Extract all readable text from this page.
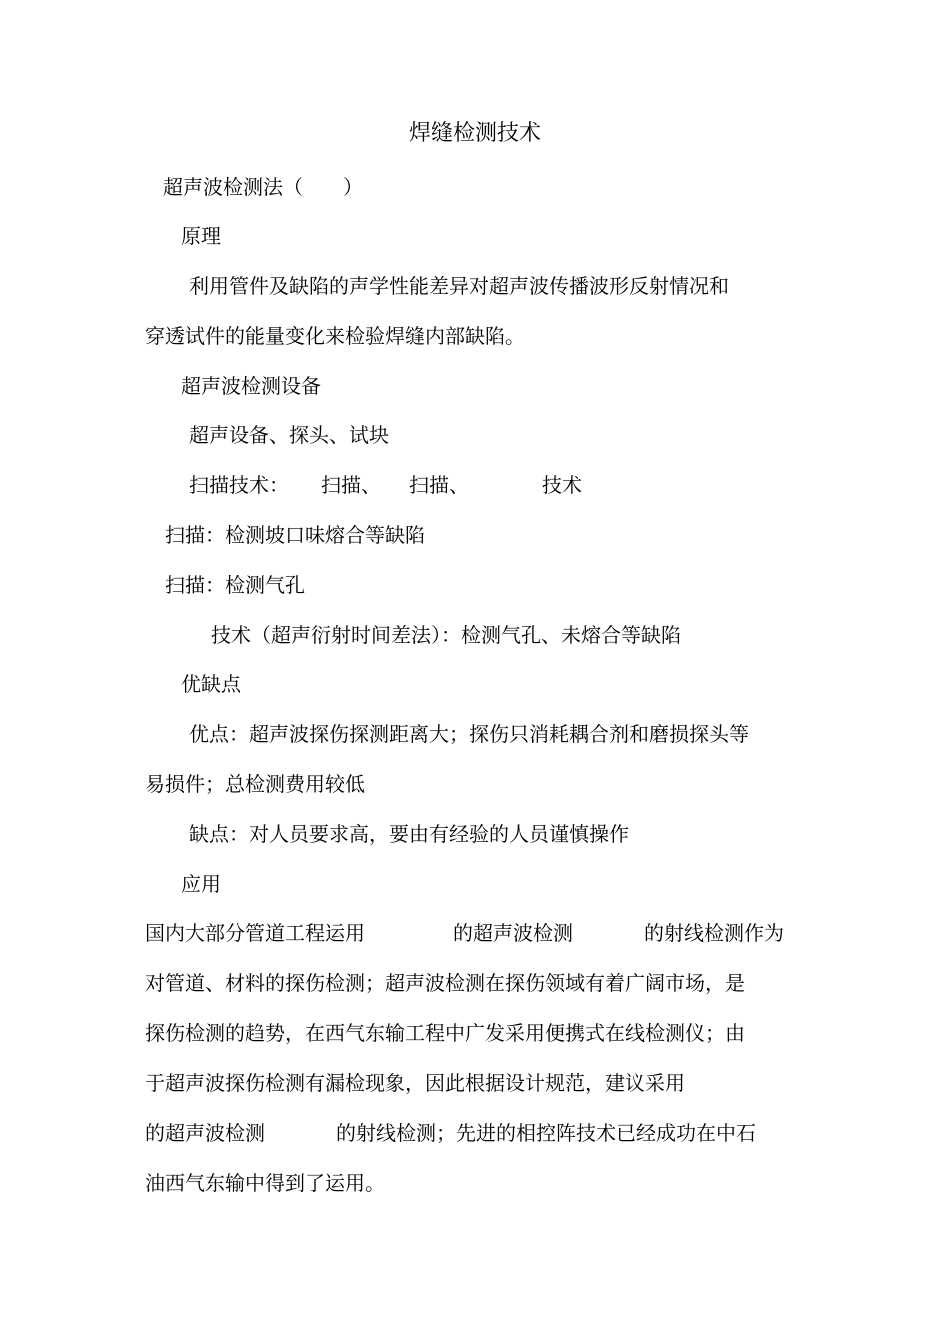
焊缝检测技术
超声波检测法（　　）
原理
利用管件及缺陷的声学性能差异对超声波传播波形反射情况和
穿透试件的能量变化来检验焊缝内部缺陷。
超声波检测设备
超声设备、探头、试块
扫描技术： 扫描、 扫描、	技术
扫描：检测坡口味熔合等缺陷
扫描：检测气孔
技术（超声衍射时间差法）：检测气孔、未熔合等缺陷
优缺点
优点：超声波探伤探测距离大；探伤只消耗耦合剂和磨损探头等
易损件；总检测费用较低
缺点：对人员要求高，要由有经验的人员谨慎操作
应用
国内大部分管道工程运用	的超声波检测	的射线检测作为
对管道、材料的探伤检测；超声波检测在探伤领域有着广阔市场，是
探伤检测的趋势，在西气东输工程中广发采用便携式在线检测仪；由
于超声波探伤检测有漏检现象，因此根据设计规范，建议采用
的超声波检测	的射线检测；先进的相控阵技术已经成功在中石
油西气东输中得到了运用。
